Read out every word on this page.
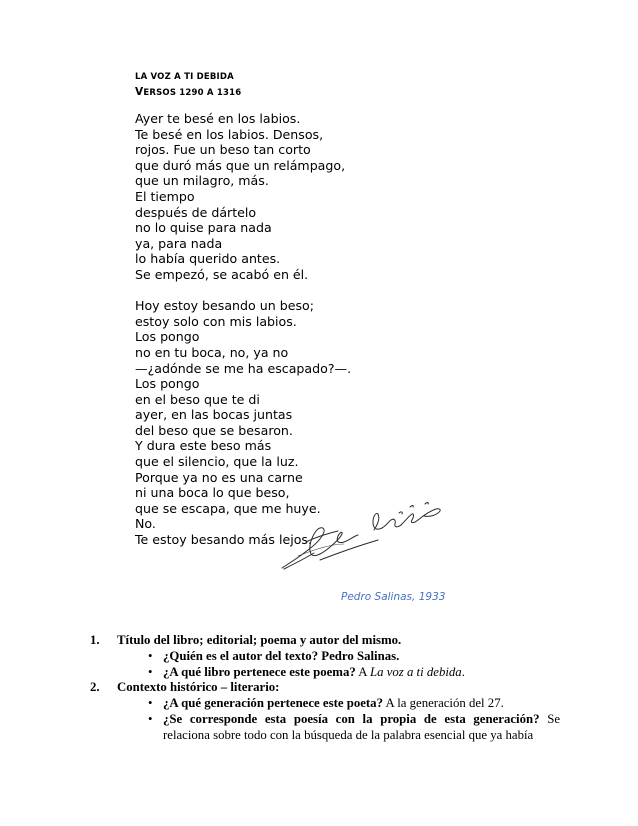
LA VOZ A TI DEBIDA
VERSOS 1290 A 1316
Ayer te besé en los labios.
Te besé en los labios. Densos,
rojos. Fue un beso tan corto
que duró más que un relámpago,
que un milagro, más.
El tiempo
después de dártelo
no lo quise para nada
ya, para nada
lo había querido antes.
Se empezó, se acabó en él.
Hoy estoy besando un beso;
estoy solo con mis labios.
Los pongo
no en tu boca, no, ya no
—¿adónde se me ha escapado?—.
Los pongo
en el beso que te di
ayer, en las bocas juntas
del beso que se besaron.
Y dura este beso más
que el silencio, que la luz.
Porque ya no es una carne
ni una boca lo que beso,
que se escapa, que me huye.
No.
Te estoy besando más lejos.
Pedro Salinas, 1933
1. Título del libro; editorial; poema y autor del mismo.
• ¿Quién es el autor del texto? Pedro Salinas.
• ¿A qué libro pertenece este poema? A La voz a ti debida.
2. Contexto histórico – literario:
• ¿A qué generación pertenece este poeta? A la generación del 27.
• ¿Se corresponde esta poesía con la propia de esta generación? Se relaciona sobre todo con la búsqueda de la palabra esencial que ya había
